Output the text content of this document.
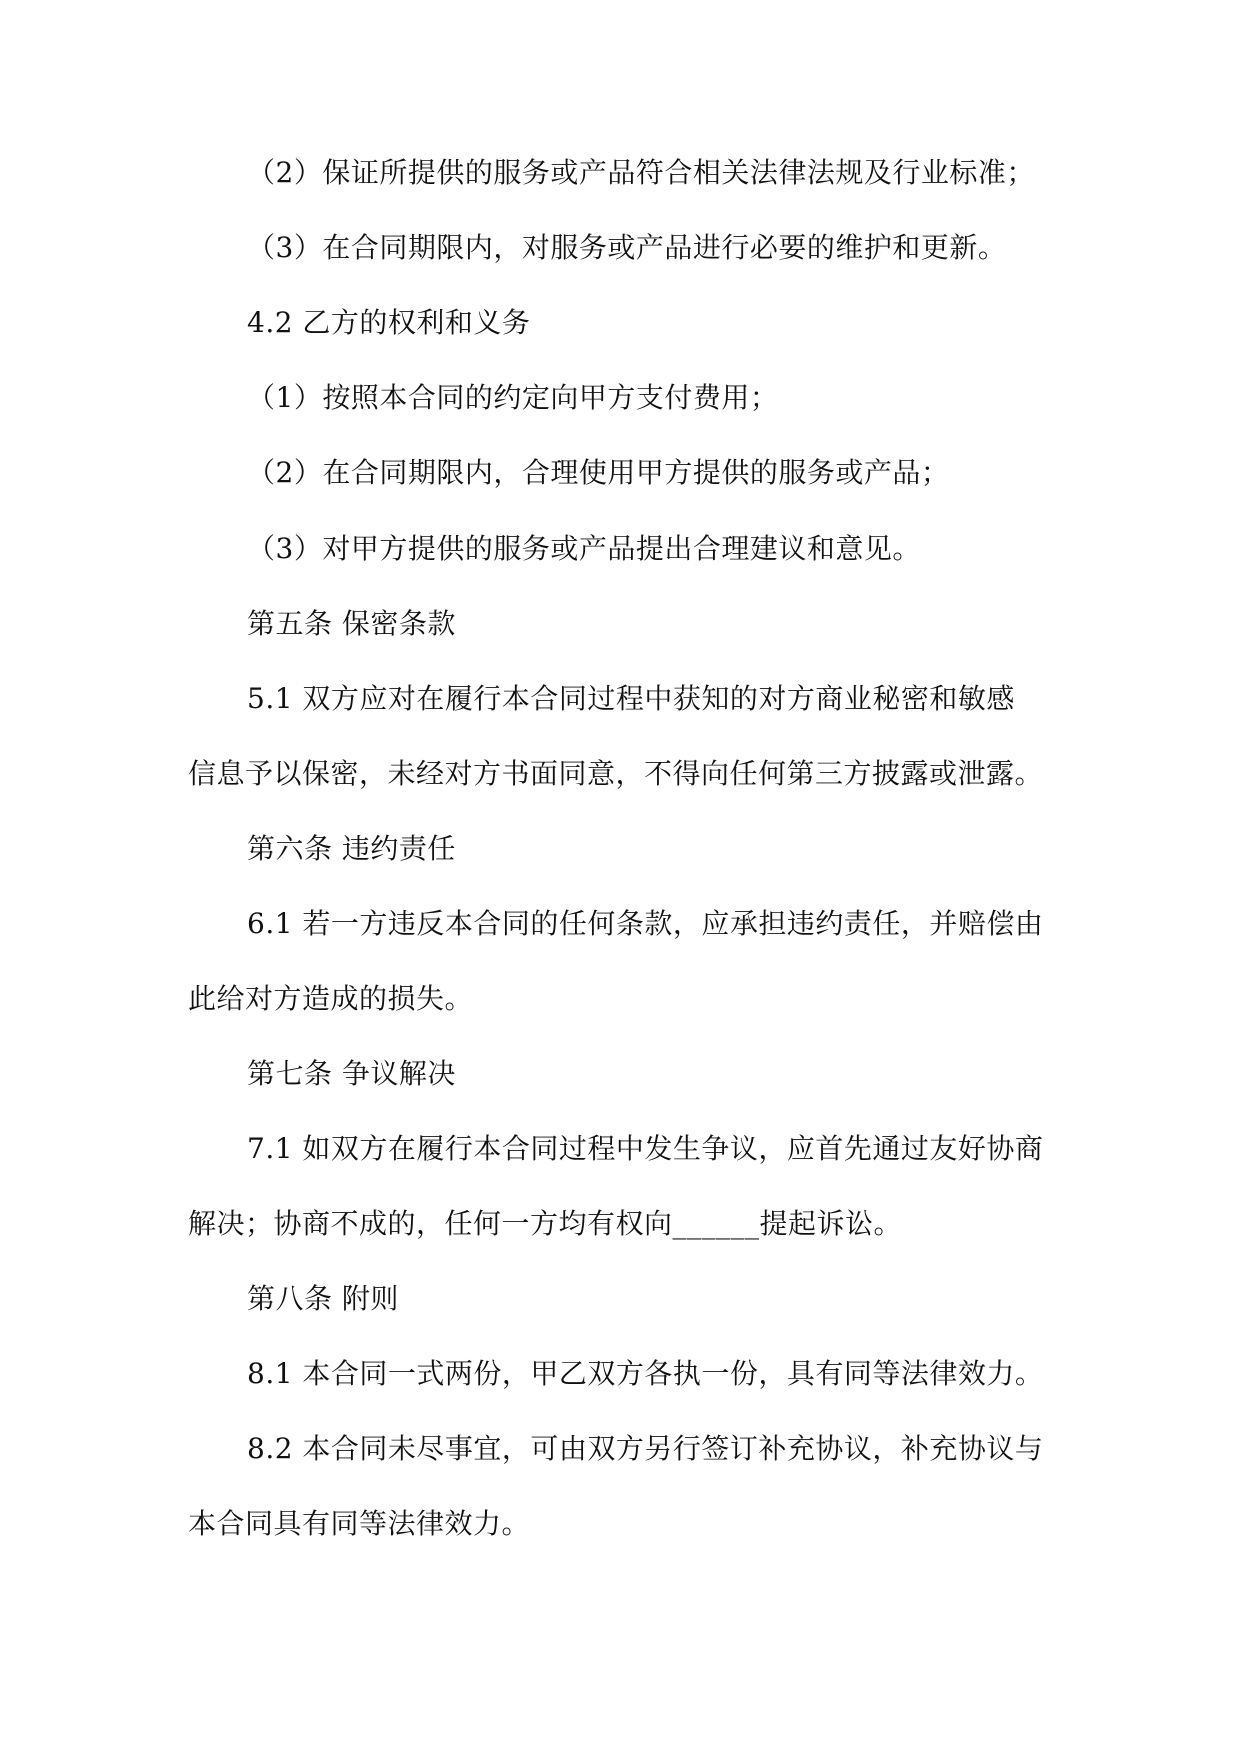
（2）保证所提供的服务或产品符合相关法律法规及行业标准；
（3）在合同期限内，对服务或产品进行必要的维护和更新。
4.2 乙方的权利和义务
（1）按照本合同的约定向甲方支付费用；
（2）在合同期限内，合理使用甲方提供的服务或产品；
（3）对甲方提供的服务或产品提出合理建议和意见。
第五条 保密条款
5.1 双方应对在履行本合同过程中获知的对方商业秘密和敏感
信息予以保密，未经对方书面同意，不得向任何第三方披露或泄露。
第六条 违约责任
6.1 若一方违反本合同的任何条款，应承担违约责任，并赔偿由
此给对方造成的损失。
第七条 争议解决
7.1 如双方在履行本合同过程中发生争议，应首先通过友好协商
解决；协商不成的，任何一方均有权向______提起诉讼。
第八条 附则
8.1 本合同一式两份，甲乙双方各执一份，具有同等法律效力。
8.2 本合同未尽事宜，可由双方另行签订补充协议，补充协议与
本合同具有同等法律效力。
